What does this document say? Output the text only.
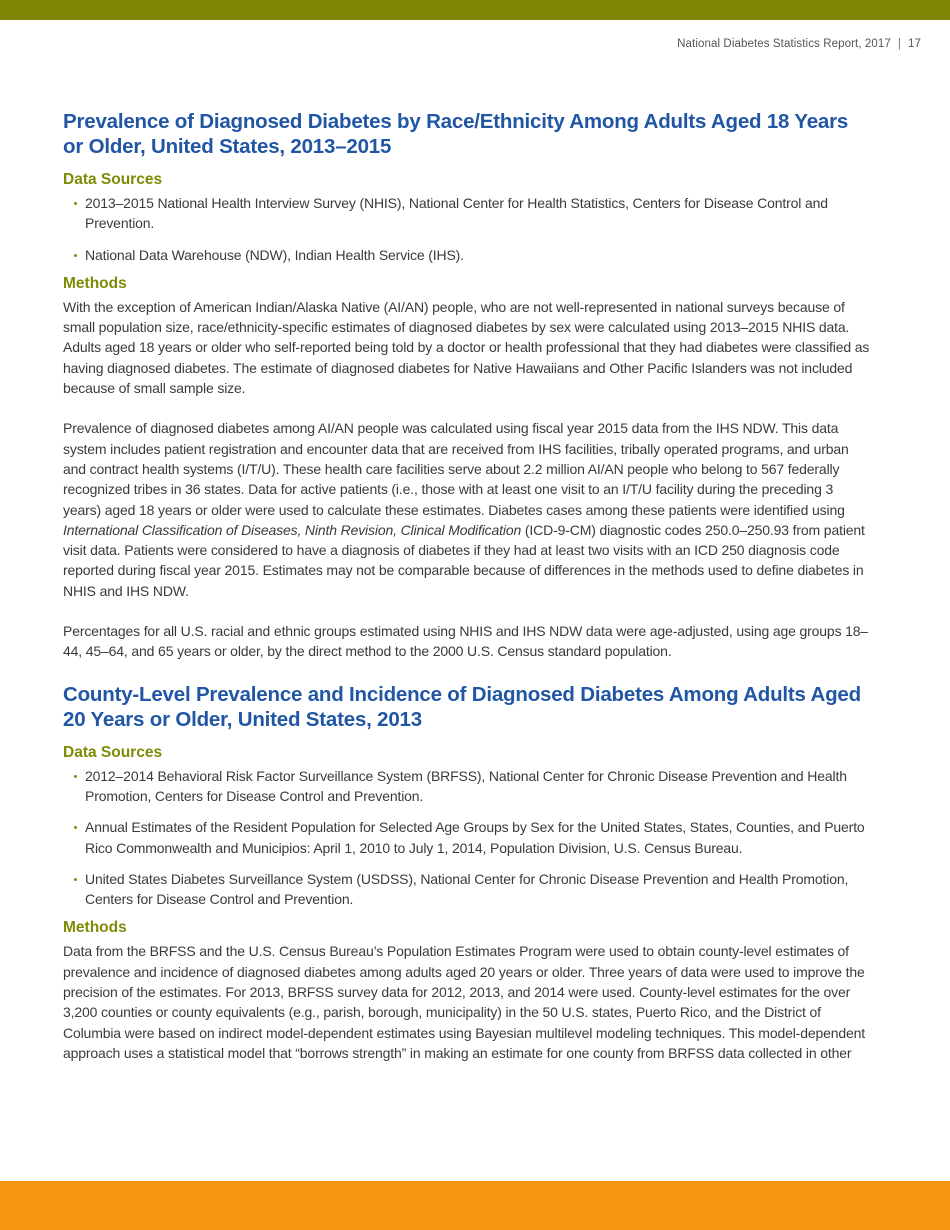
National Diabetes Statistics Report, 2017 | 17
Prevalence of Diagnosed Diabetes by Race/Ethnicity Among Adults Aged 18 Years or Older, United States, 2013–2015
Data Sources
2013–2015 National Health Interview Survey (NHIS), National Center for Health Statistics, Centers for Disease Control and Prevention.
National Data Warehouse (NDW), Indian Health Service (IHS).
Methods

With the exception of American Indian/Alaska Native (AI/AN) people, who are not well-represented in national surveys because of small population size, race/ethnicity-specific estimates of diagnosed diabetes by sex were calculated using 2013–2015 NHIS data. Adults aged 18 years or older who self-reported being told by a doctor or health professional that they had diabetes were classified as having diagnosed diabetes. The estimate of diagnosed diabetes for Native Hawaiians and Other Pacific Islanders was not included because of small sample size.

Prevalence of diagnosed diabetes among AI/AN people was calculated using fiscal year 2015 data from the IHS NDW. This data system includes patient registration and encounter data that are received from IHS facilities, tribally operated programs, and urban and contract health systems (I/T/U). These health care facilities serve about 2.2 million AI/AN people who belong to 567 federally recognized tribes in 36 states. Data for active patients (i.e., those with at least one visit to an I/T/U facility during the preceding 3 years) aged 18 years or older were used to calculate these estimates. Diabetes cases among these patients were identified using International Classification of Diseases, Ninth Revision, Clinical Modification (ICD-9-CM) diagnostic codes 250.0–250.93 from patient visit data. Patients were considered to have a diagnosis of diabetes if they had at least two visits with an ICD 250 diagnosis code reported during fiscal year 2015. Estimates may not be comparable because of differences in the methods used to define diabetes in NHIS and IHS NDW.

Percentages for all U.S. racial and ethnic groups estimated using NHIS and IHS NDW data were age-adjusted, using age groups 18–44, 45–64, and 65 years or older, by the direct method to the 2000 U.S. Census standard population.

County-Level Prevalence and Incidence of Diagnosed Diabetes Among Adults Aged 20 Years or Older, United States, 2013
Data Sources
2012–2014 Behavioral Risk Factor Surveillance System (BRFSS), National Center for Chronic Disease Prevention and Health Promotion, Centers for Disease Control and Prevention.
Annual Estimates of the Resident Population for Selected Age Groups by Sex for the United States, States, Counties, and Puerto Rico Commonwealth and Municipios: April 1, 2010 to July 1, 2014, Population Division, U.S. Census Bureau.
United States Diabetes Surveillance System (USDSS), National Center for Chronic Disease Prevention and Health Promotion, Centers for Disease Control and Prevention.
Methods

Data from the BRFSS and the U.S. Census Bureau’s Population Estimates Program were used to obtain county-level estimates of prevalence and incidence of diagnosed diabetes among adults aged 20 years or older. Three years of data were used to improve the precision of the estimates. For 2013, BRFSS survey data for 2012, 2013, and 2014 were used. County-level estimates for the over 3,200 counties or county equivalents (e.g., parish, borough, municipality) in the 50 U.S. states, Puerto Rico, and the District of Columbia were based on indirect model-dependent estimates using Bayesian multilevel modeling techniques. This model-dependent approach uses a statistical model that “borrows strength” in making an estimate for one county from BRFSS data collected in other
